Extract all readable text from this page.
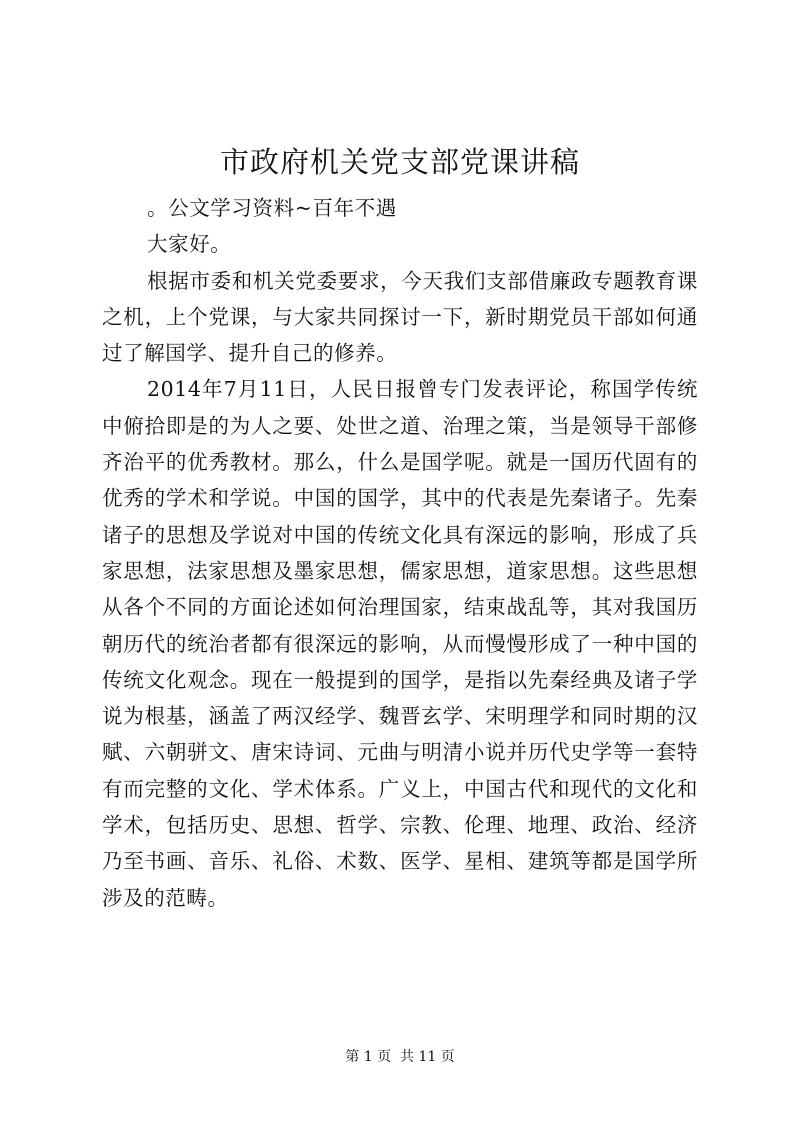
市政府机关党支部党课讲稿

。公文学习资料~百年不遇

大家好。

根据市委和机关党委要求，今天我们支部借廉政专题教育课之机，上个党课，与大家共同探讨一下，新时期党员干部如何通过了解国学、提升自己的修养。

2014年7月11日，人民日报曾专门发表评论，称国学传统中俯拾即是的为人之要、处世之道、治理之策，当是领导干部修齐治平的优秀教材。那么，什么是国学呢。就是一国历代固有的优秀的学术和学说。中国的国学，其中的代表是先秦诸子。先秦诸子的思想及学说对中国的传统文化具有深远的影响，形成了兵家思想，法家思想及墨家思想，儒家思想，道家思想。这些思想从各个不同的方面论述如何治理国家，结束战乱等，其对我国历朝历代的统治者都有很深远的影响，从而慢慢形成了一种中国的传统文化观念。现在一般提到的国学，是指以先秦经典及诸子学说为根基，涵盖了两汉经学、魏晋玄学、宋明理学和同时期的汉赋、六朝骈文、唐宋诗词、元曲与明清小说并历代史学等一套特有而完整的文化、学术体系。广义上，中国古代和现代的文化和学术，包括历史、思想、哲学、宗教、伦理、地理、政治、经济乃至书画、音乐、礼俗、术数、医学、星相、建筑等都是国学所涉及的范畴。

第 1 页  共 11 页
